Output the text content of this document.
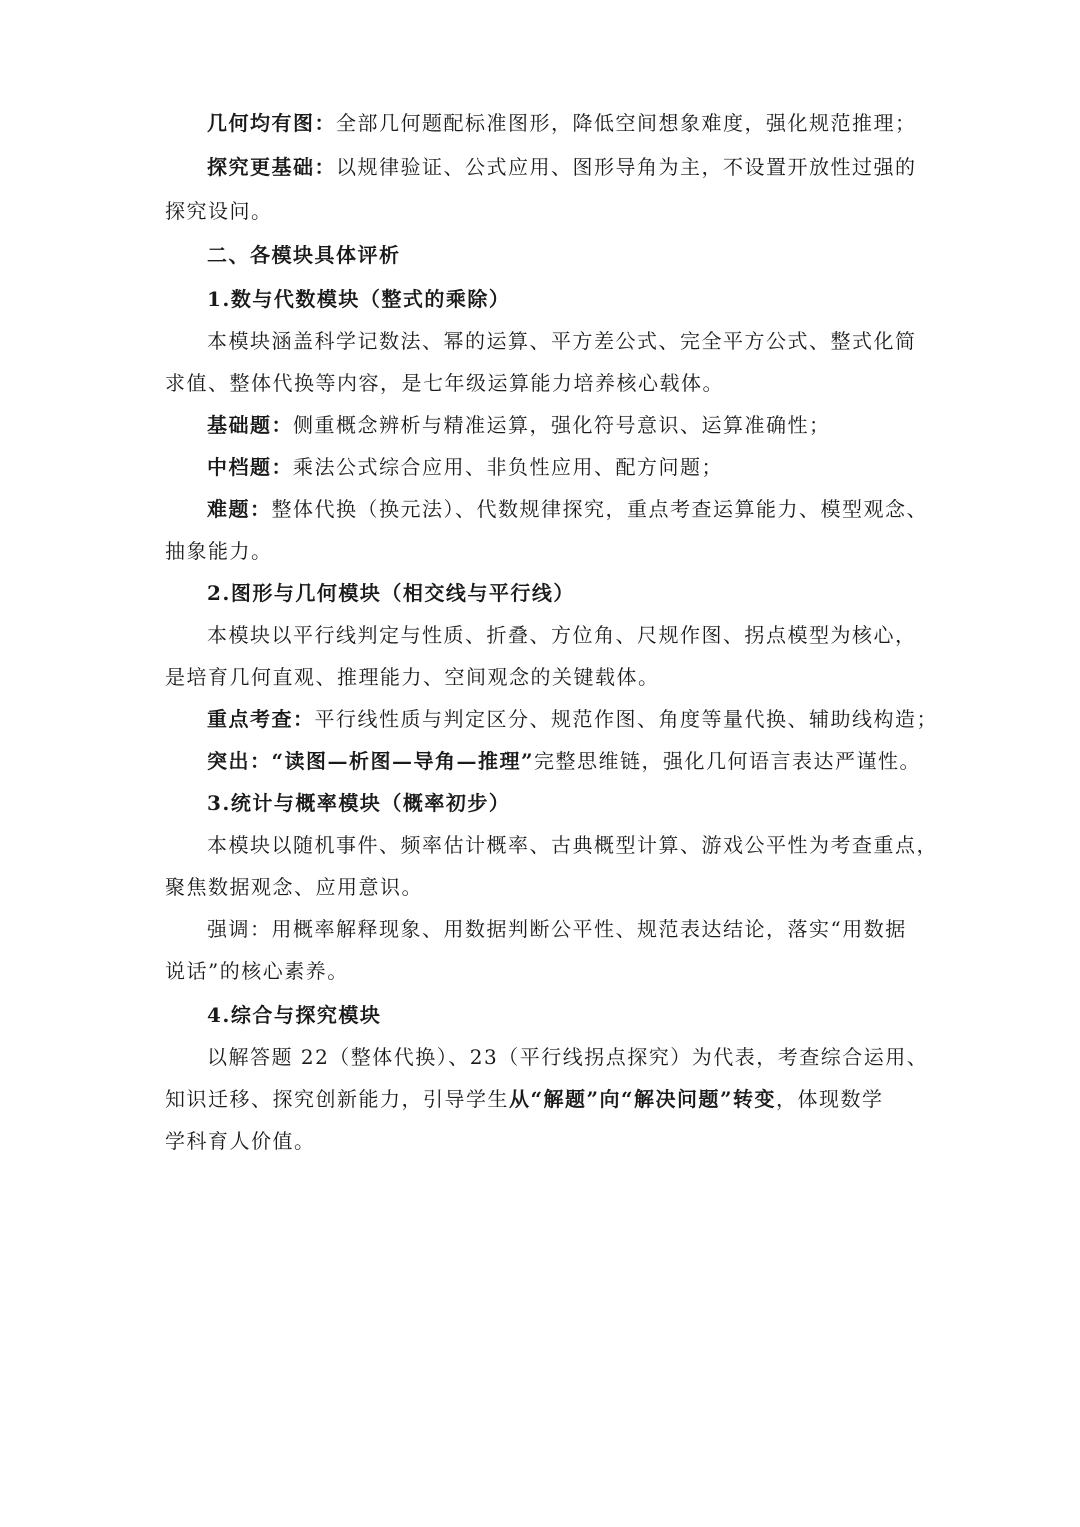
几何均有图：全部几何题配标准图形，降低空间想象难度，强化规范推理；
探究更基础：以规律验证、公式应用、图形导角为主，不设置开放性过强的
探究设问。
二、各模块具体评析
1.数与代数模块（整式的乘除）
本模块涵盖科学记数法、幂的运算、平方差公式、完全平方公式、整式化简
求值、整体代换等内容，是七年级运算能力培养核心载体。
基础题：侧重概念辨析与精准运算，强化符号意识、运算准确性；
中档题：乘法公式综合应用、非负性应用、配方问题；
难题：整体代换（换元法）、代数规律探究，重点考查运算能力、模型观念、
抽象能力。
2.图形与几何模块（相交线与平行线）
本模块以平行线判定与性质、折叠、方位角、尺规作图、拐点模型为核心，
是培育几何直观、推理能力、空间观念的关键载体。
重点考查：平行线性质与判定区分、规范作图、角度等量代换、辅助线构造；
突出：“读图—析图—导角—推理”完整思维链，强化几何语言表达严谨性。
3.统计与概率模块（概率初步）
本模块以随机事件、频率估计概率、古典概型计算、游戏公平性为考查重点，
聚焦数据观念、应用意识。
强调：用概率解释现象、用数据判断公平性、规范表达结论，落实“用数据
说话”的核心素养。
4.综合与探究模块
以解答题 22（整体代换）、23（平行线拐点探究）为代表，考查综合运用、
知识迁移、探究创新能力，引导学生从“解题”向“解决问题”转变，体现数学
学科育人价值。
